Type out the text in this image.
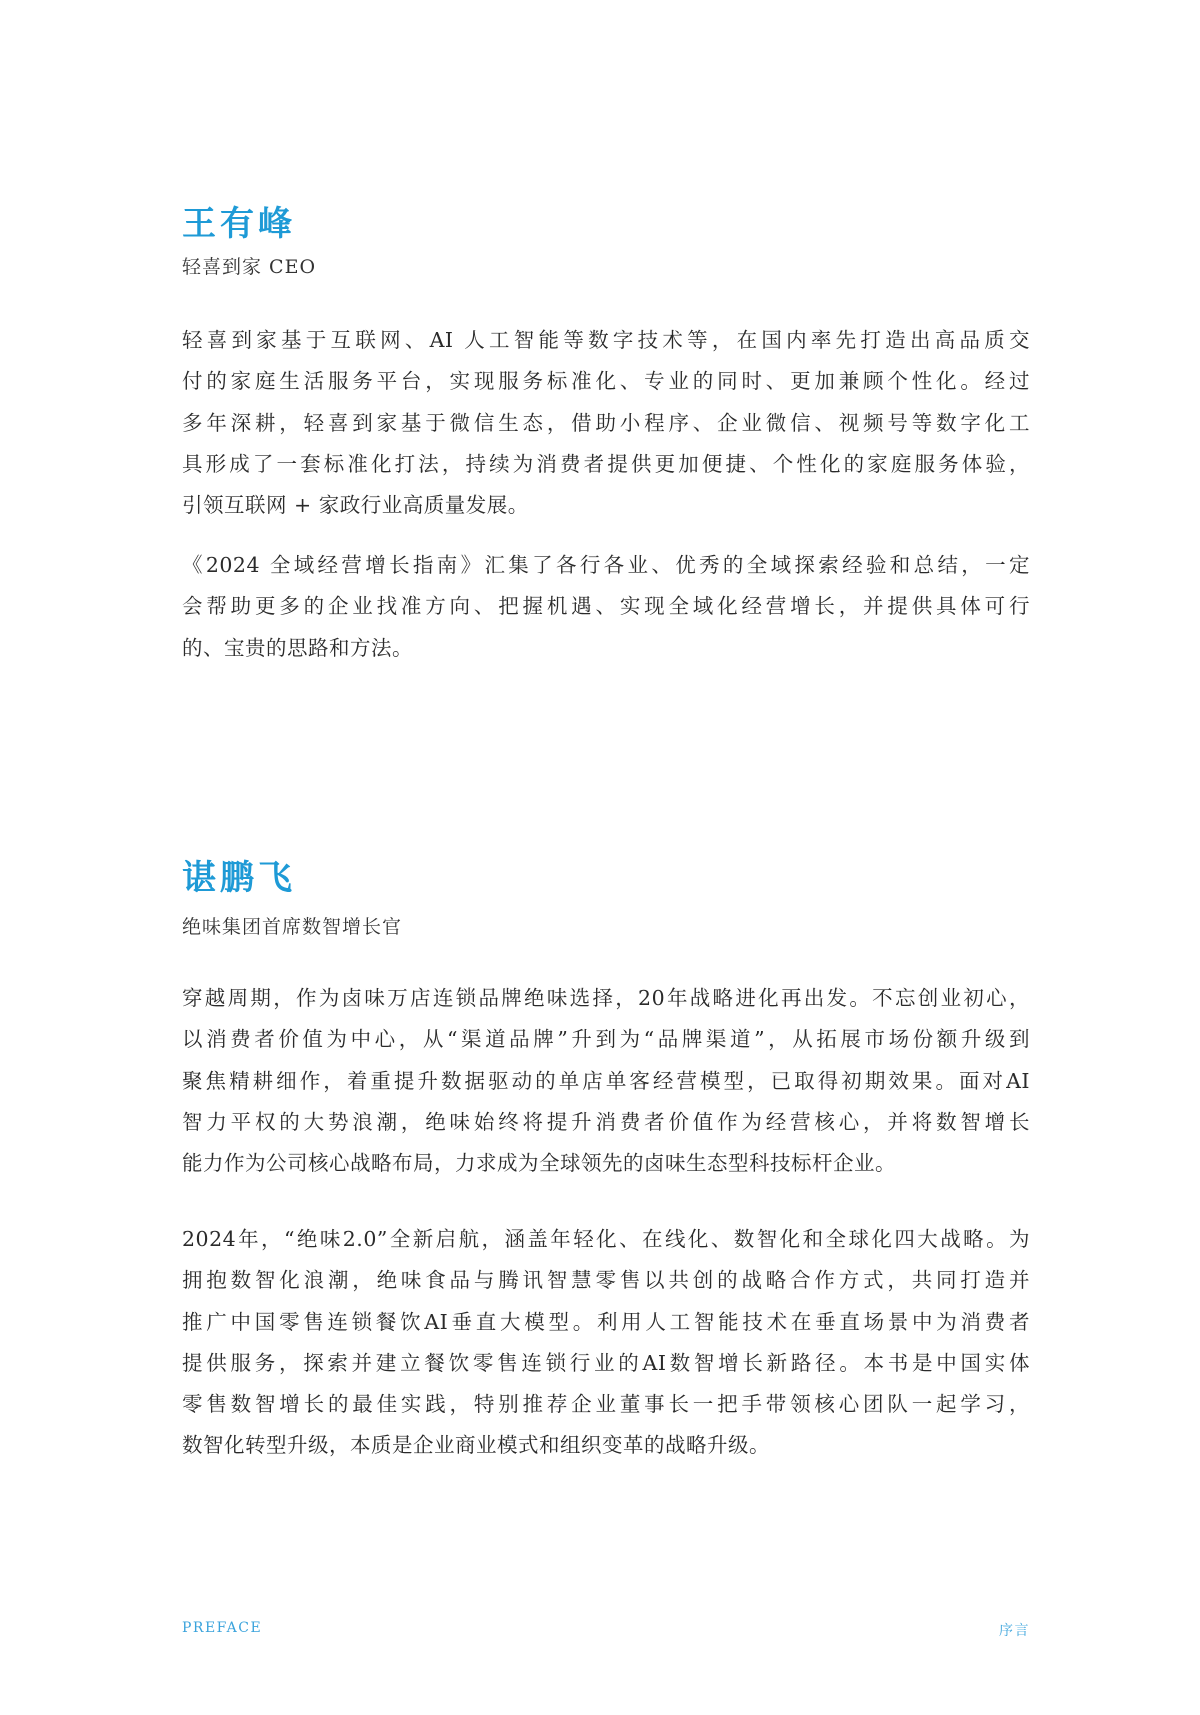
王有峰
轻喜到家 CEO
轻喜到家基于互联网、AI 人工智能等数字技术等，在国内率先打造出高品质交
付的家庭生活服务平台，实现服务标准化、专业的同时、更加兼顾个性化。经过
多年深耕，轻喜到家基于微信生态，借助小程序、企业微信、视频号等数字化工
具形成了一套标准化打法，持续为消费者提供更加便捷、个性化的家庭服务体验，
引领互联网 + 家政行业高质量发展。
《2024 全域经营增长指南》汇集了各行各业、优秀的全域探索经验和总结，一定
会帮助更多的企业找准方向、把握机遇、实现全域化经营增长，并提供具体可行
的、宝贵的思路和方法。
谌鹏飞
绝味集团首席数智增长官
穿越周期，作为卤味万店连锁品牌绝味选择，20年战略进化再出发。不忘创业初心，
以消费者价值为中心，从“渠道品牌”升到为“品牌渠道”，从拓展市场份额升级到
聚焦精耕细作，着重提升数据驱动的单店单客经营模型，已取得初期效果。面对AI
智力平权的大势浪潮，绝味始终将提升消费者价值作为经营核心，并将数智增长
能力作为公司核心战略布局，力求成为全球领先的卤味生态型科技标杆企业。
2024年，“绝味2.0”全新启航，涵盖年轻化、在线化、数智化和全球化四大战略。为
拥抱数智化浪潮，绝味食品与腾讯智慧零售以共创的战略合作方式，共同打造并
推广中国零售连锁餐饮AI垂直大模型。利用人工智能技术在垂直场景中为消费者
提供服务，探索并建立餐饮零售连锁行业的AI数智增长新路径。本书是中国实体
零售数智增长的最佳实践，特别推荐企业董事长一把手带领核心团队一起学习，
数智化转型升级，本质是企业商业模式和组织变革的战略升级。
PREFACE	序言
